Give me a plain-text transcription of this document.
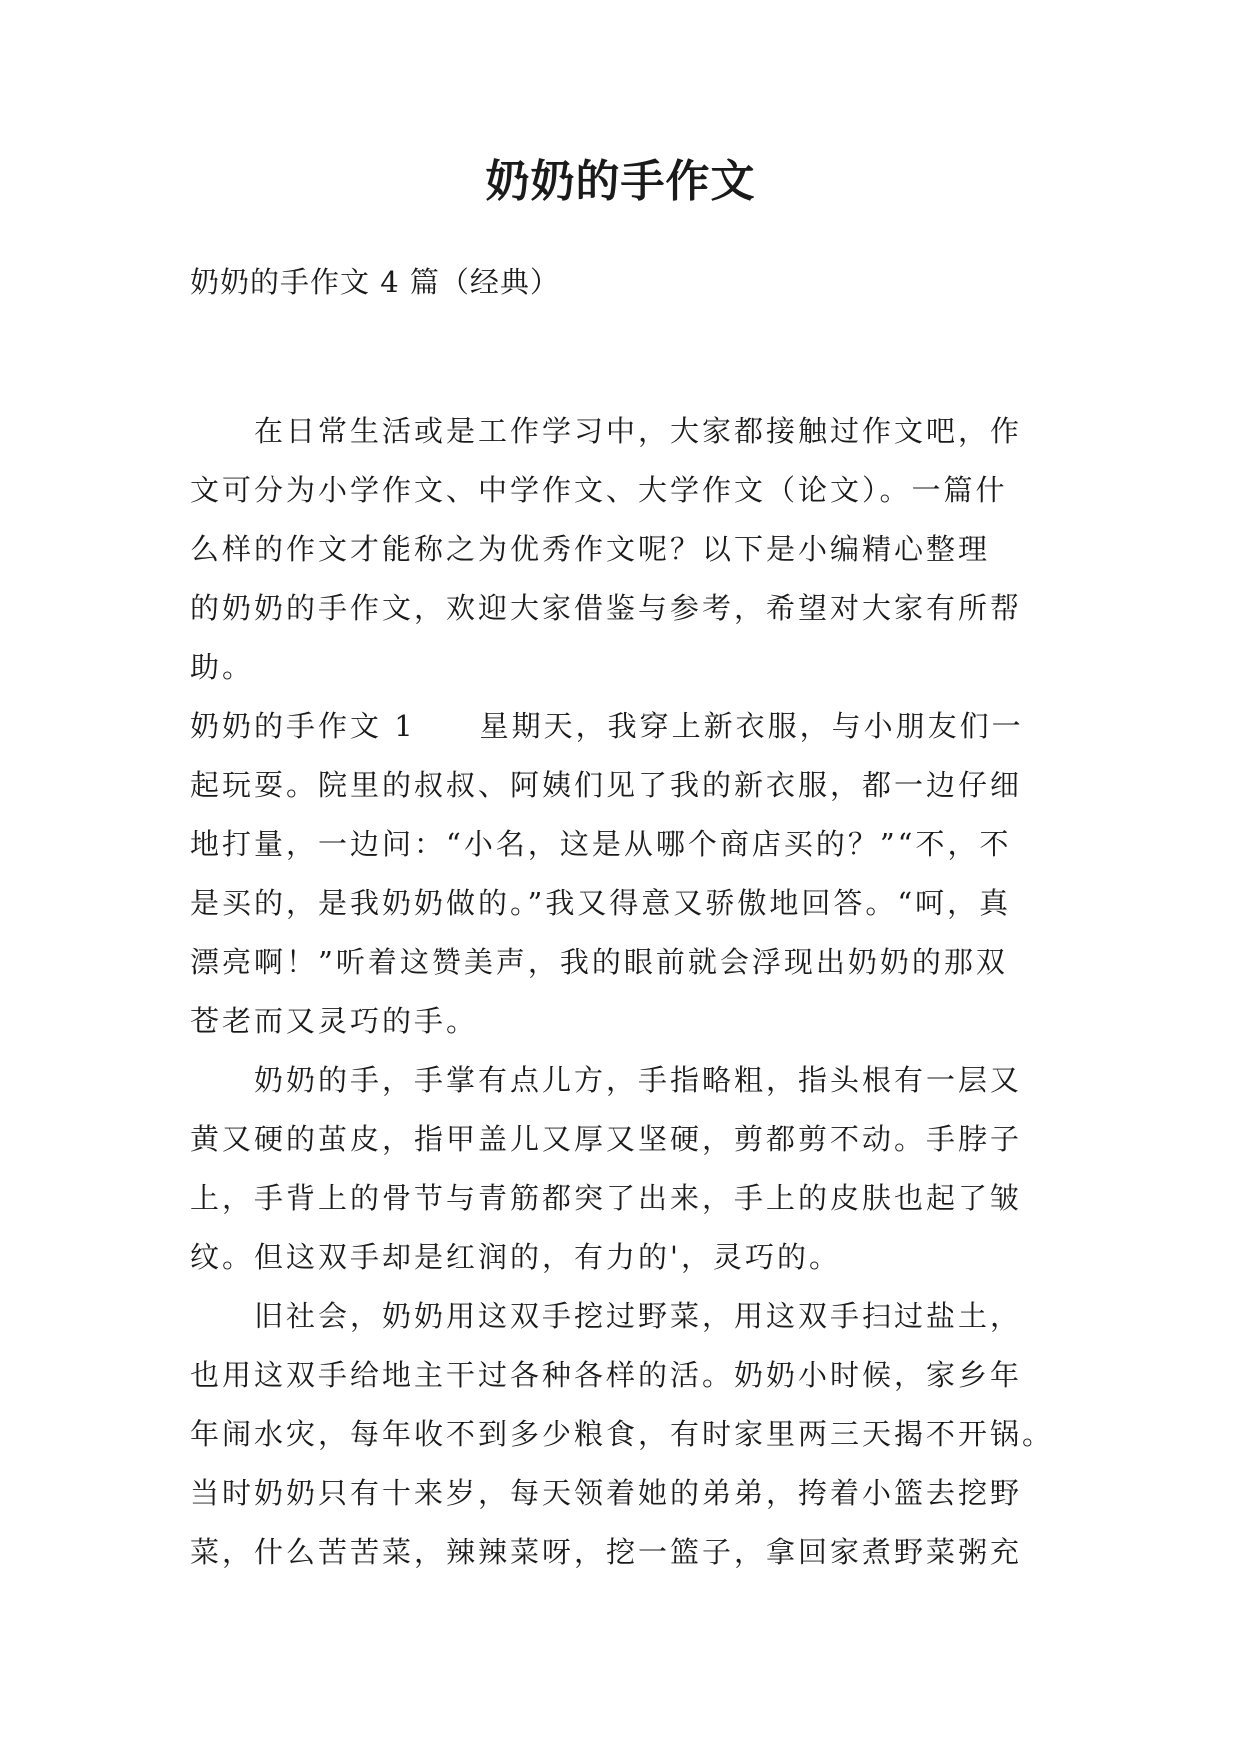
奶奶的手作文

奶奶的手作文 4 篇（经典）

在日常生活或是工作学习中，大家都接触过作文吧，作
文可分为小学作文、中学作文、大学作文（论文）。一篇什
么样的作文才能称之为优秀作文呢？以下是小编精心整理
的奶奶的手作文，欢迎大家借鉴与参考，希望对大家有所帮
助。
奶奶的手作文 1 星期天，我穿上新衣服，与小朋友们一
起玩耍。院里的叔叔、阿姨们见了我的新衣服，都一边仔细
地打量，一边问：“小名，这是从哪个商店买的？”“不，不
是买的，是我奶奶做的。”我又得意又骄傲地回答。“呵，真
漂亮啊！”听着这赞美声，我的眼前就会浮现出奶奶的那双
苍老而又灵巧的手。
奶奶的手，手掌有点儿方，手指略粗，指头根有一层又
黄又硬的茧皮，指甲盖儿又厚又坚硬，剪都剪不动。手脖子
上，手背上的骨节与青筋都突了出来，手上的皮肤也起了皱
纹。但这双手却是红润的，有力的'，灵巧的。
旧社会，奶奶用这双手挖过野菜，用这双手扫过盐土，
也用这双手给地主干过各种各样的活。奶奶小时候，家乡年
年闹水灾，每年收不到多少粮食，有时家里两三天揭不开锅。
当时奶奶只有十来岁，每天领着她的弟弟，挎着小篮去挖野
菜，什么苦苦菜，辣辣菜呀，挖一篮子，拿回家煮野菜粥充
